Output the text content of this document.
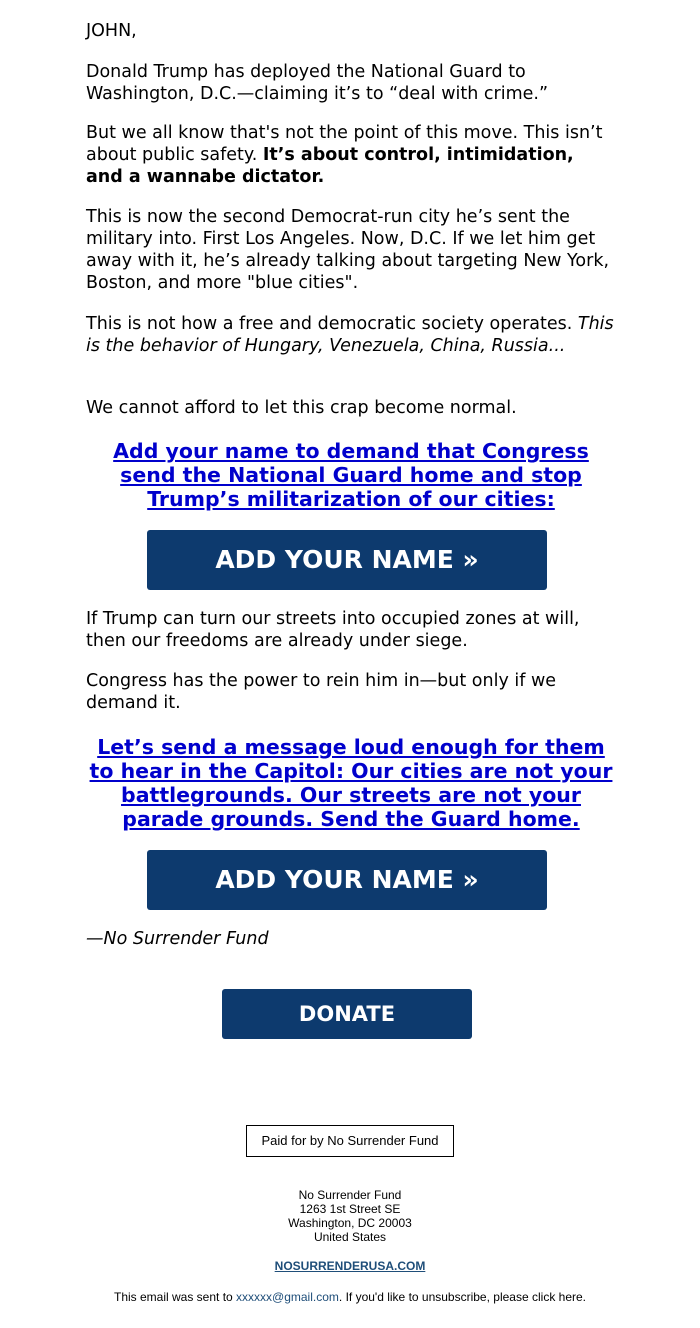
JOHN,

Donald Trump has deployed the National Guard to Washington, D.C.—claiming it’s to “deal with crime.”

But we all know that's not the point of this move. This isn’t about public safety. It’s about control, intimidation, and a wannabe dictator.

This is now the second Democrat-run city he’s sent the military into. First Los Angeles. Now, D.C. If we let him get away with it, he’s already talking about targeting New York, Boston, and more "blue cities".

This is not how a free and democratic society operates. This is the behavior of Hungary, Venezuela, China, Russia...

We cannot afford to let this crap become normal.

Add your name to demand that Congress send the National Guard home and stop Trump’s militarization of our cities:

If Trump can turn our streets into occupied zones at will, then our freedoms are already under siege.

Congress has the power to rein him in—but only if we demand it.

Let’s send a message loud enough for them to hear in the Capitol: Our cities are not your battlegrounds. Our streets are not your parade grounds. Send the Guard home.

—No Surrender Fund

ADD YOUR NAME »
ADD YOUR NAME »
DONATE
Paid for by No Surrender Fund
No Surrender Fund
1263 1st Street SE
Washington, DC 20003
United States
NOSURRENDERUSA.COM
This email was sent to xxxxxx@gmail.com. If you'd like to unsubscribe, please click here.
